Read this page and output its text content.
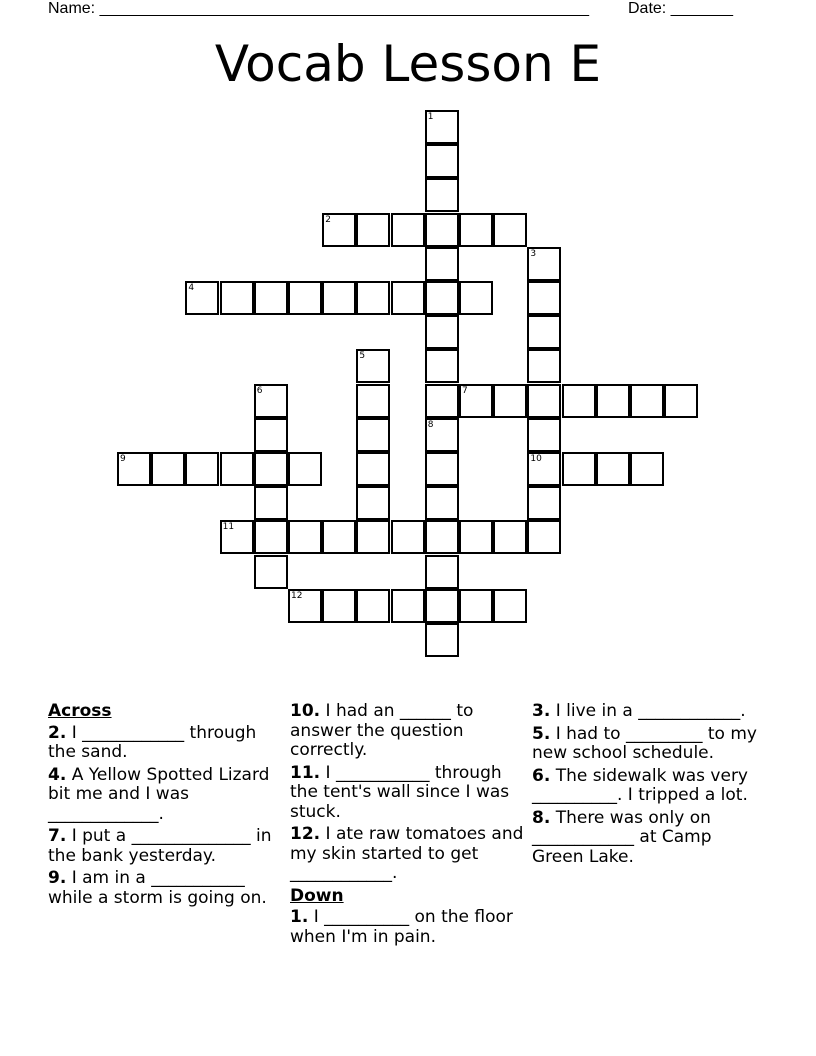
Name: _______________________________________________________ Date: _______
Vocab Lesson E
1
2
3
4
5
6	7
8
9	10
11
12
Across
2. I ____________ through the sand.
4. A Yellow Spotted Lizard bit me and I was _____________.
7. I put a ______________ in the bank yesterday.
9. I am in a ___________ while a storm is going on.
10. I had an ______ to answer the question correctly.
11. I ___________ through the tent's wall since I was stuck.
12. I ate raw tomatoes and my skin started to get ____________.
Down
1. I __________ on the floor when I'm in pain.
3. I live in a ____________.
5. I had to _________ to my new school schedule.
6. The sidewalk was very __________. I tripped a lot.
8. There was only on ____________ at Camp Green Lake.
